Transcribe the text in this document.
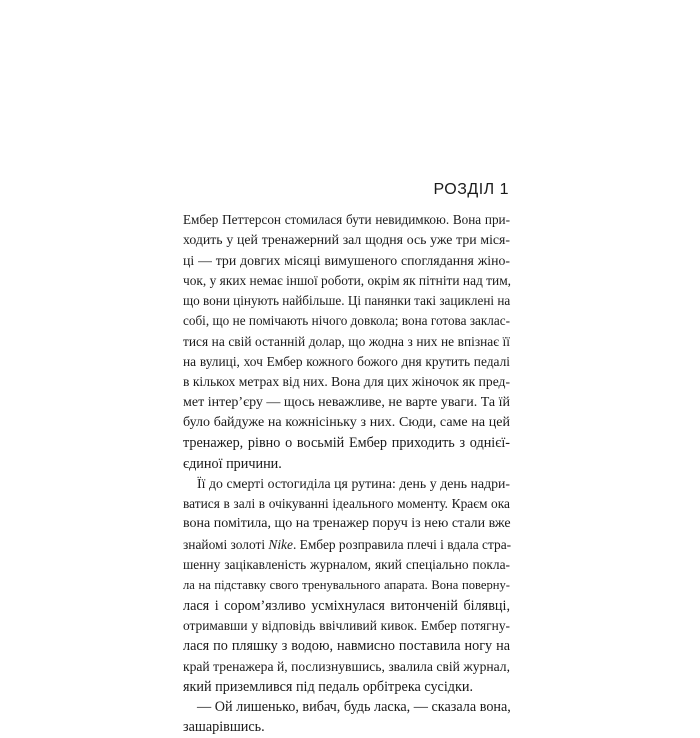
РОЗДІЛ 1

Ембер Петтерсон стомилася бути невидимкою. Вона при-
ходить у цей тренажерний зал щодня ось уже три міся-
ці — три довгих місяці вимушеного споглядання жіно-
чок, у яких немає іншої роботи, окрім як пітніти над тим,
що вони цінують найбільше. Ці панянки такі зациклені на
собі, що не помічають нічого довкола; вона готова заклас-
тися на свій останній долар, що жодна з них не впізнає її
на вулиці, хоч Ембер кожного божого дня крутить педалі
в кількох метрах від них. Вона для цих жіночок як пред-
мет інтер’єру — щось неважливе, не варте уваги. Та їй
було байдуже на кожнісіньку з них. Сюди, саме на цей
тренажер, рівно о восьмій Ембер приходить з однієї-
єдиної причини.

Її до смерті остогиділа ця рутина: день у день надри-
ватися в залі в очікуванні ідеального моменту. Краєм ока
вона помітила, що на тренажер поруч із нею стали вже
знайомі золоті Nike. Ембер розправила плечі і вдала стра-
шенну зацікавленість журналом, який спеціально покла-
ла на підставку свого тренувального апарата. Вона поверну-
лася і сором’язливо усміхнулася витонченій білявці,
отримавши у відповідь ввічливий кивок. Ембер потягну-
лася по пляшку з водою, навмисно поставила ногу на
край тренажера й, послизнувшись, звалила свій журнал,
який приземлився під педаль орбітрека сусідки.

— Ой лишенько, вибач, будь ласка, — сказала вона,
зашарівшись.
